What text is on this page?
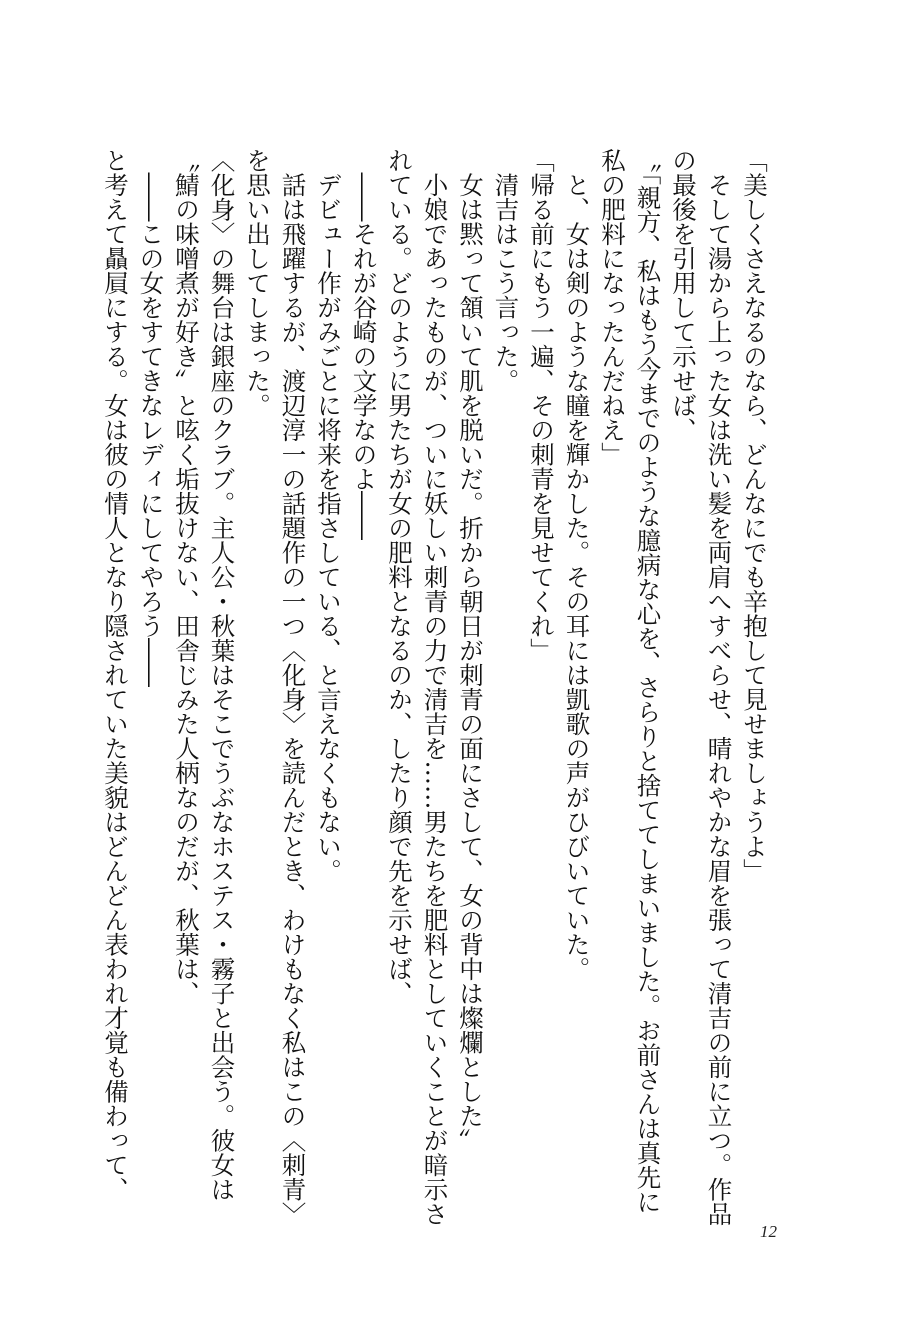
「美しくさえなるのなら、どんなにでも辛抱して見せましょうよ」

　そして湯から上った女は洗い髪を両肩へすべらせ、晴れやかな眉を張って清吉の前に立つ。作品

の最後を引用して示せば、

〝「親方、私はもう今までのような臆病な心を、さらりと捨ててしまいました。お前さんは真先に

私の肥料になったんだねえ」

　と、女は剣のような瞳を輝かした。その耳には凱歌の声がひびいていた。

「帰る前にもう一遍、その刺青を見せてくれ」

　清吉はこう言った。

　女は黙って頷いて肌を脱いだ。折から朝日が刺青の面にさして、女の背中は燦爛とした〟

　小娘であったものが、ついに妖しい刺青の力で清吉を……男たちを肥料としていくことが暗示さ

れている。どのように男たちが女の肥料となるのか、したり顔で先を示せば、

　――それが谷崎の文学なのよ――

　デビュー作がみごとに将来を指さしている、と言えなくもない。

　話は飛躍するが、渡辺淳一の話題作の一つ〈化身〉を読んだとき、わけもなく私はこの〈刺青〉

を思い出してしまった。

〈化身〉の舞台は銀座のクラブ。主人公・秋葉はそこでうぶなホステス・霧子と出会う。彼女は

〝鯖の味噌煮が好き〟と呟く垢抜けない、田舎じみた人柄なのだが、秋葉は、

　――この女をすてきなレディにしてやろう――

と考えて贔屓にする。女は彼の情人となり隠されていた美貌はどんどん表われ才覚も備わって、

12
